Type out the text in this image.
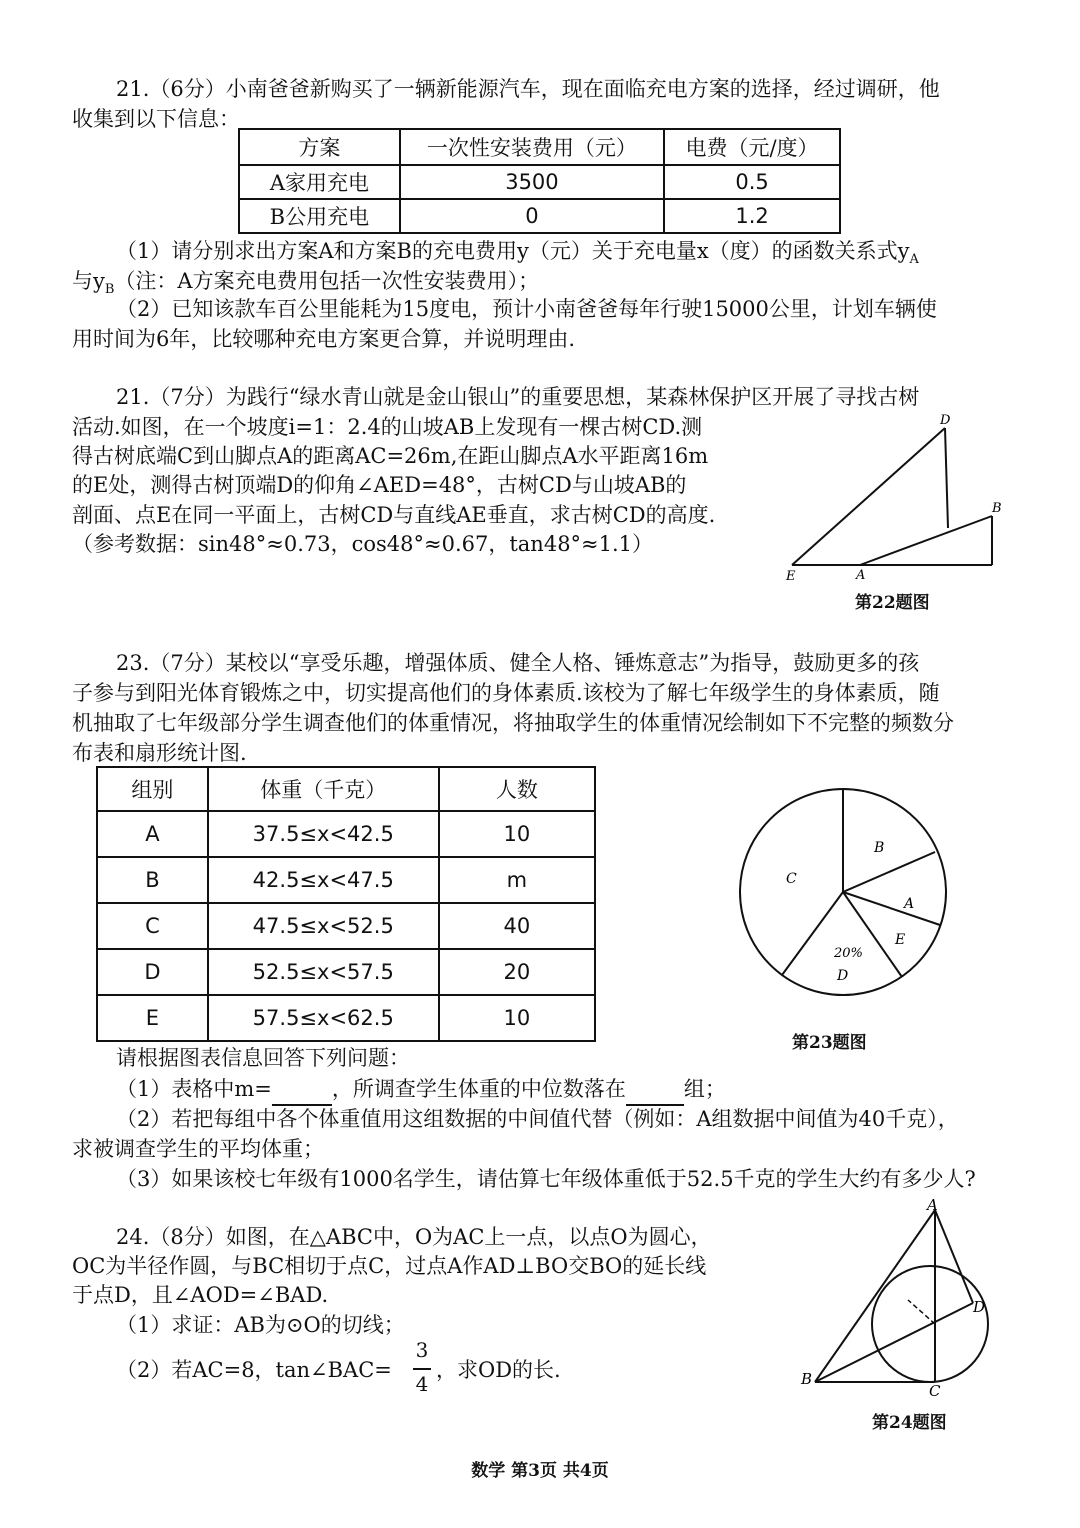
21.（6分）小南爸爸新购买了一辆新能源汽车，现在面临充电方案的选择，经过调研，他
收集到以下信息：
方案	一次性安装费用（元）	电费（元/度）
A家用充电	3500	0.5
B公用充电	0	1.2
（1）请分别求出方案A和方案B的充电费用y（元）关于充电量x（度）的函数关系式$y_A$
与$y_B$（注：A方案充电费用包括一次性安装费用）；
（2）已知该款车百公里能耗为15度电，预计小南爸爸每年行驶15000公里，计划车辆使
用时间为6年，比较哪种充电方案更合算，并说明理由.
21.（7分）为践行“绿水青山就是金山银山”的重要思想，某森林保护区开展了寻找古树
活动.如图，在一个坡度i=1：2.4的山坡AB上发现有一棵古树CD.测
得古树底端C到山脚点A的距离AC=26m,在距山脚点A水平距离16m
的E处，测得古树顶端D的仰角∠AED=48°，古树CD与山坡AB的
剖面、点E在同一平面上，古树CD与直线AE垂直，求古树CD的高度.
（参考数据：sin48°≈0.73，cos48°≈0.67，tan48°≈1.1）
D
B
E	A
第22题图
23.（7分）某校以“享受乐趣，增强体质、健全人格、锤炼意志”为指导，鼓励更多的孩
子参与到阳光体育锻炼之中，切实提高他们的身体素质.该校为了解七年级学生的身体素质，随
机抽取了七年级部分学生调查他们的体重情况，将抽取学生的体重情况绘制如下不完整的频数分
布表和扇形统计图.
组别	体重（千克）	人数
A	37.5≤x<42.5	10
B	42.5≤x<47.5	m
C	47.5≤x<52.5	40
D	52.5≤x<57.5	20
E	57.5≤x<62.5	10
B
C
A
E
20%
D
第23题图
请根据图表信息回答下列问题：
（1）表格中m=	，所调查学生体重的中位数落在	组；
（2）若把每组中各个体重值用这组数据的中间值代替（例如：A组数据中间值为40千克），
求被调查学生的平均体重；
（3）如果该校七年级有1000名学生，请估算七年级体重低于52.5千克的学生大约有多少人?
24.（8分）如图，在△ABC中，O为AC上一点，以点O为圆心，
OC为半径作圆，与BC相切于点C，过点A作AD⊥BO交BO的延长线
于点D，且∠AOD=∠BAD.
（1）求证：AB为⊙O的切线；
（2）若AC=8，tan∠BAC=
3
4
，求OD的长.
A
B
C
D
第24题图
数学 第3页 共4页
